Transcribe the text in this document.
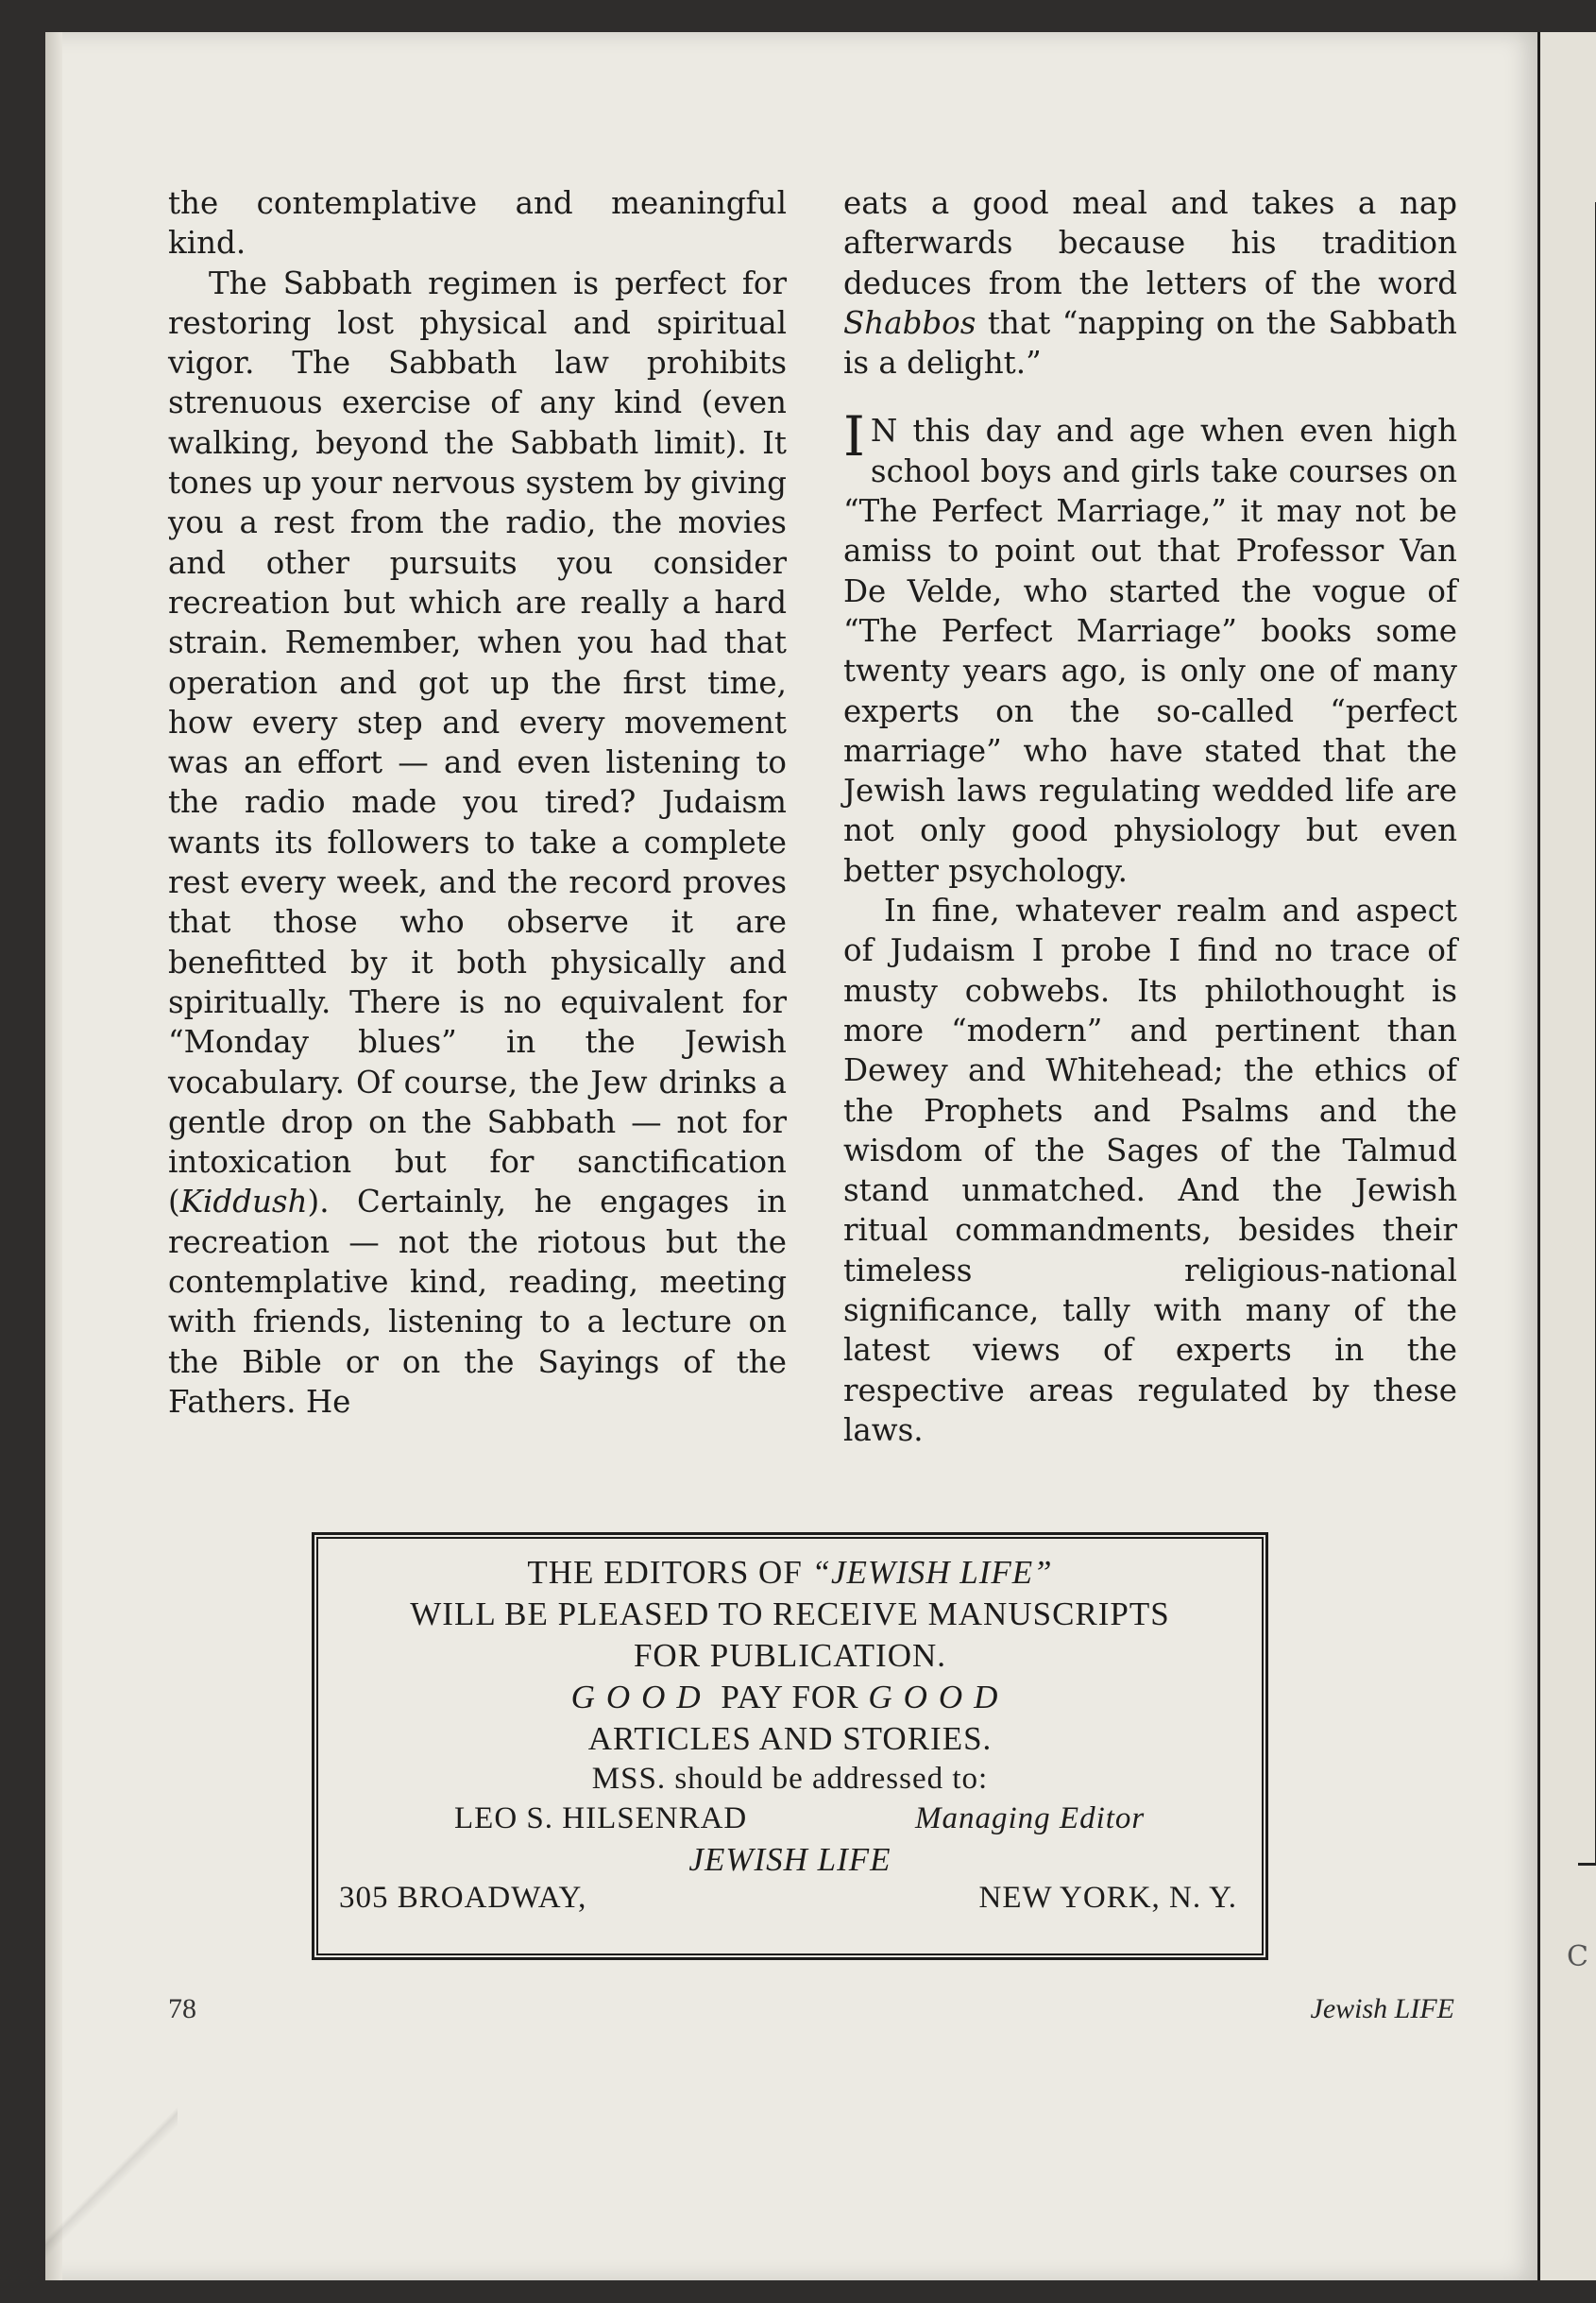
C

the contemplative and meaningful kind.

The Sabbath regimen is perfect for restoring lost physical and spiritual vigor. The Sabbath law prohibits strenuous exercise of any kind (even walking, beyond the Sabbath limit). It tones up your nervous system by giving you a rest from the radio, the movies and other pursuits you consider recreation but which are really a hard strain. Remember, when you had that operation and got up the first time, how every step and every movement was an effort — and even listening to the radio made you tired? Judaism wants its followers to take a complete rest every week, and the record proves that those who observe it are benefitted by it both physically and spiritually. There is no equivalent for “Monday blues” in the Jewish vocabulary. Of course, the Jew drinks a gentle drop on the Sabbath — not for intoxication but for sanctification (Kiddush). Certainly, he engages in recreation — not the riotous but the contemplative kind, reading, meeting with friends, listening to a lecture on the Bible or on the Sayings of the Fathers. He

eats a good meal and takes a nap afterwards because his tradition deduces from the letters of the word Shabbos that “napping on the Sabbath is a delight.”

I N this day and age when even high school boys and girls take courses on “The Perfect Marriage,” it may not be amiss to point out that Professor Van De Velde, who started the vogue of “The Perfect Marriage” books some twenty years ago, is only one of many experts on the so-called “perfect marriage” who have stated that the Jewish laws regulating wedded life are not only good physiology but even better psychology.

In fine, whatever realm and aspect of Judaism I probe I find no trace of musty cobwebs. Its philothought is more “modern” and pertinent than Dewey and Whitehead; the ethics of the Prophets and Psalms and the wisdom of the Sages of the Talmud stand unmatched. And the Jewish ritual commandments, besides their timeless religious-national significance, tally with many of the latest views of experts in the respective areas regulated by these laws.

THE EDITORS OF “JEWISH LIFE”
WILL BE PLEASED TO RECEIVE MANUSCRIPTS
FOR PUBLICATION.
GOOD PAY FOR GOOD
ARTICLES AND STORIES.
MSS. should be addressed to:
LEO S. HILSENRAD	Managing Editor
JEWISH LIFE
305 BROADWAY,	NEW YORK, N. Y.
78	Jewish LIFE
